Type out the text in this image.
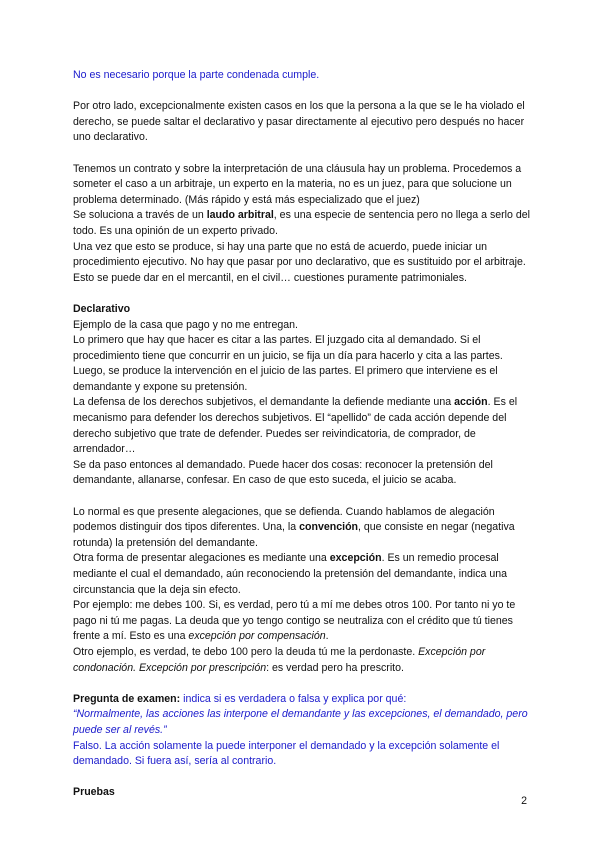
No es necesario porque la parte condenada cumple.

Por otro lado, excepcionalmente existen casos en los que la persona a la que se le ha violado el derecho, se puede saltar el declarativo y pasar directamente al ejecutivo pero después no hacer uno declarativo.

Tenemos un contrato y sobre la interpretación de una cláusula hay un problema. Procedemos a someter el caso a un arbitraje, un experto en la materia, no es un juez, para que solucione un problema determinado. (Más rápido y está más especializado que el juez)

Se soluciona a través de un laudo arbitral, es una especie de sentencia pero no llega a serlo del todo. Es una opinión de un experto privado.

Una vez que esto se produce, si hay una parte que no está de acuerdo, puede iniciar un procedimiento ejecutivo. No hay que pasar por uno declarativo, que es sustituido por el arbitraje. Esto se puede dar en el mercantil, en el civil… cuestiones puramente patrimoniales.

Declarativo

Ejemplo de la casa que pago y no me entregan.

Lo primero que hay que hacer es citar a las partes. El juzgado cita al demandado. Si el procedimiento tiene que concurrir en un juicio, se fija un día para hacerlo y cita a las partes. Luego, se produce la intervención en el juicio de las partes. El primero que interviene es el demandante y expone su pretensión.

La defensa de los derechos subjetivos, el demandante la defiende mediante una acción. Es el mecanismo para defender los derechos subjetivos. El “apellido” de cada acción depende del derecho subjetivo que trate de defender. Puedes ser reivindicatoria, de comprador, de arrendador…

Se da paso entonces al demandado. Puede hacer dos cosas: reconocer la pretensión del demandante, allanarse, confesar. En caso de que esto suceda, el juicio se acaba.

Lo normal es que presente alegaciones, que se defienda. Cuando hablamos de alegación podemos distinguir dos tipos diferentes. Una, la convención, que consiste en negar (negativa rotunda) la pretensión del demandante.

Otra forma de presentar alegaciones es mediante una excepción. Es un remedio procesal mediante el cual el demandado, aún reconociendo la pretensión del demandante, indica una circunstancia que la deja sin efecto.

Por ejemplo: me debes 100. Si, es verdad, pero tú a mí me debes otros 100. Por tanto ni yo te pago ni tú me pagas. La deuda que yo tengo contigo se neutraliza con el crédito que tú tienes frente a mí. Esto es una excepción por compensación.

Otro ejemplo, es verdad, te debo 100 pero la deuda tú me la perdonaste. Excepción por condonación. Excepción por prescripción: es verdad pero ha prescrito.

Pregunta de examen: indica si es verdadera o falsa y explica por qué:

“Normalmente, las acciones las interpone el demandante y las excepciones, el demandado, pero puede ser al revés.”

Falso. La acción solamente la puede interponer el demandado y la excepción solamente el demandado. Si fuera así, sería al contrario.

Pruebas

2
